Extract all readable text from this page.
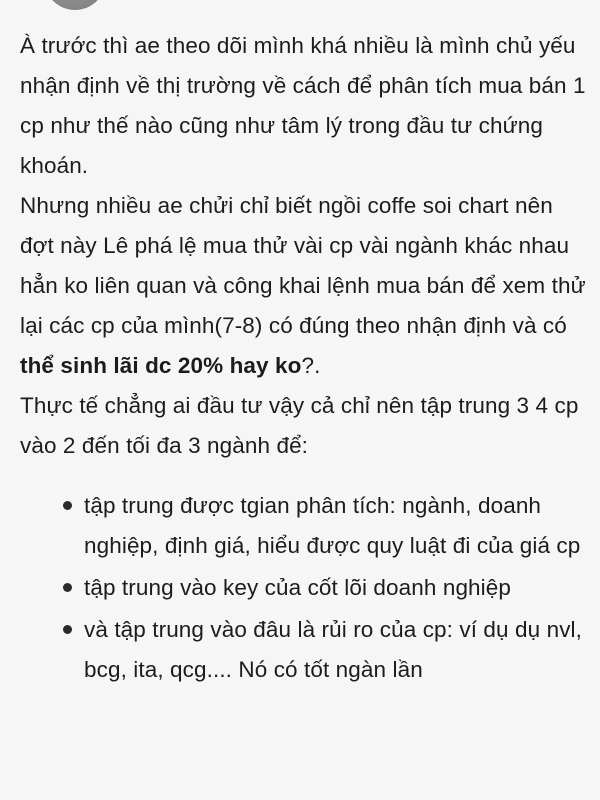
À trước thì ae theo dõi mình khá nhiều là mình chủ yếu nhận định về thị trường về cách để phân tích mua bán 1 cp như thế nào cũng như tâm lý trong đầu tư chứng khoán.

Nhưng nhiều ae chửi chỉ biết ngồi coffe soi chart nên đợt này Lê phá lệ mua thử vài cp vài ngành khác nhau hẳn ko liên quan và công khai lệnh mua bán để xem thử lại các cp của mình(7-8) có đúng theo nhận định và có thể sinh lãi dc 20% hay ko?.

Thực tế chẳng ai đầu tư vậy cả chỉ nên tập trung 3 4 cp vào 2 đến tối đa 3 ngành để:

tập trung được tgian phân tích: ngành, doanh nghiệp, định giá, hiểu được quy luật đi của giá cp
tập trung vào key của cốt lõi doanh nghiệp
và tập trung vào đâu là rủi ro của cp: ví dụ dụ nvl, bcg, ita, qcg.... Nó có tốt ngàn lần
